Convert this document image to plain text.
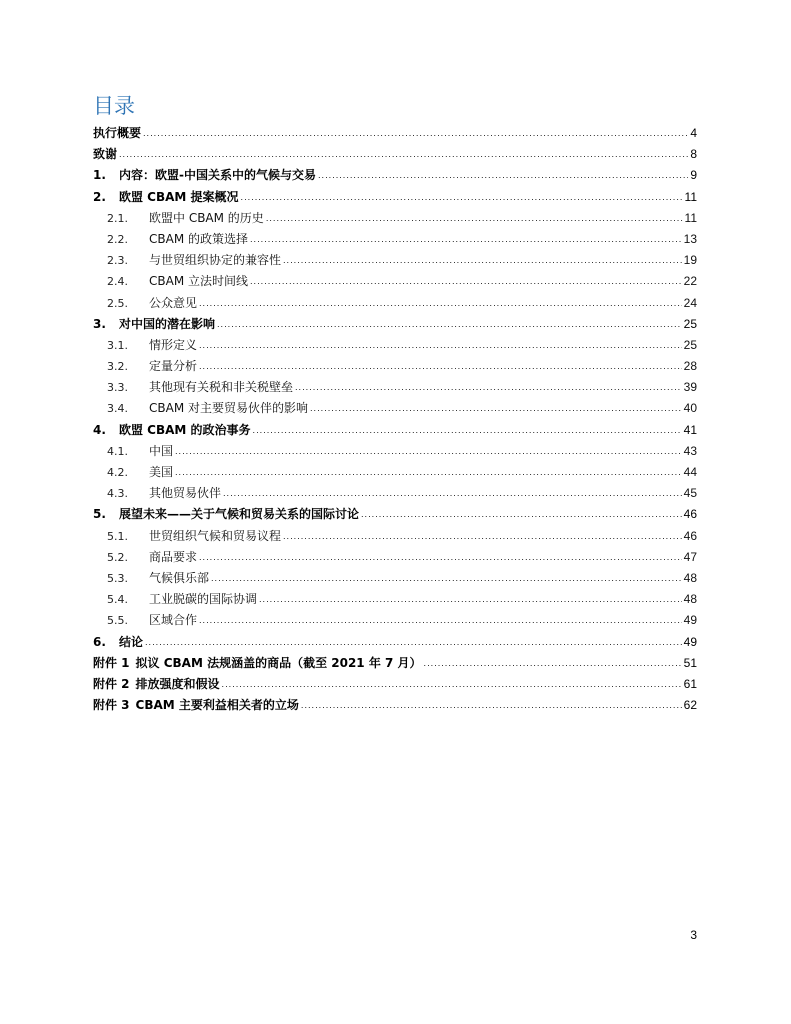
目录
执行概要 .....	4
致谢 .....	8
1.	内容：欧盟-中国关系中的气候与交易 .....	9
2.	欧盟 CBAM 提案概况 .....	11
2.1.	欧盟中 CBAM 的历史 .....	11
2.2.	CBAM 的政策选择 .....	13
2.3.	与世贸组织协定的兼容性 .....	19
2.4.	CBAM 立法时间线 .....	22
2.5.	公众意见 .....	24
3.	对中国的潜在影响 .....	25
3.1.	情形定义 .....	25
3.2.	定量分析 .....	28
3.3.	其他现有关税和非关税壁垒 .....	39
3.4.	CBAM 对主要贸易伙伴的影响 .....	40
4.	欧盟 CBAM 的政治事务 .....	41
4.1.	中国 .....	43
4.2.	美国 .....	44
4.3.	其他贸易伙伴 .....	45
5.	展望未来——关于气候和贸易关系的国际讨论 .....	46
5.1.	世贸组织气候和贸易议程 .....	46
5.2.	商品要求 .....	47
5.3.	气候俱乐部 .....	48
5.4.	工业脱碳的国际协调 .....	48
5.5.	区域合作 .....	49
6.	结论 .....	49
附件 1 拟议 CBAM 法规涵盖的商品（截至 2021 年 7 月） .....	51
附件 2 排放强度和假设 .....	61
附件 3 CBAM 主要利益相关者的立场 .....	62
3
